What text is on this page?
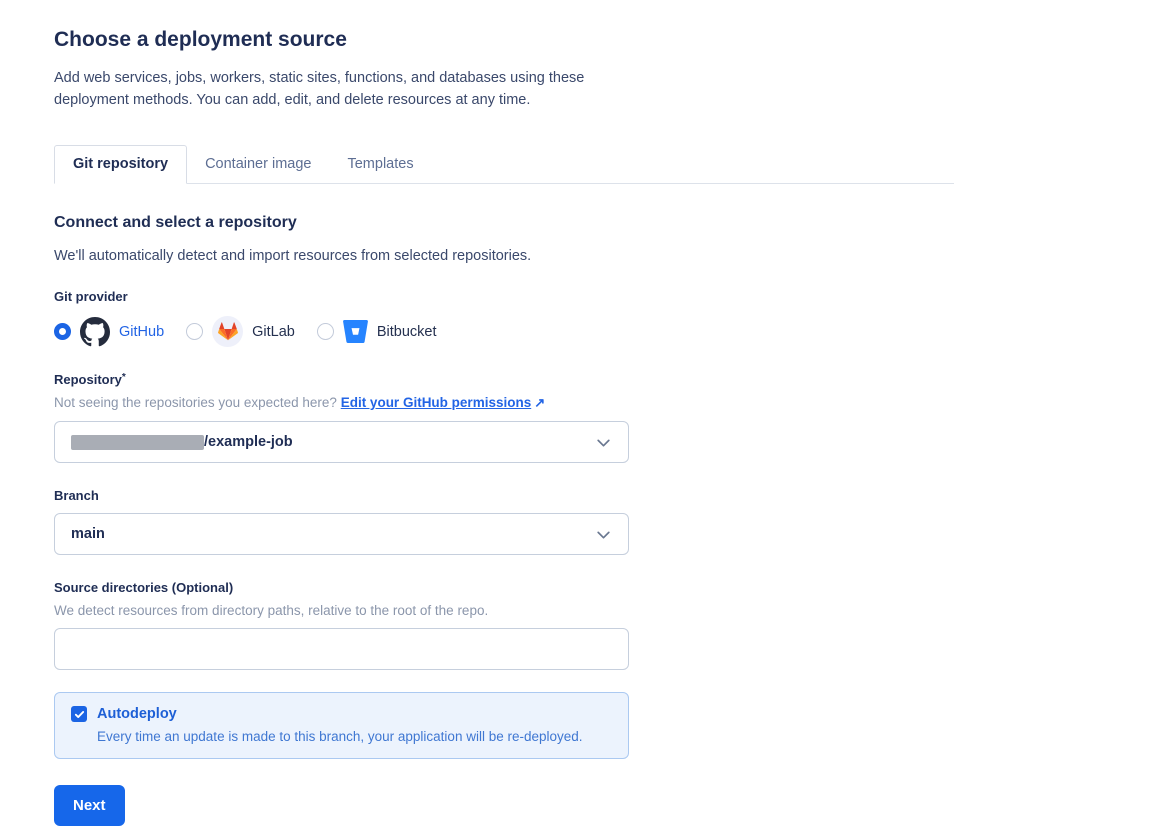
Choose a deployment source

Add web services, jobs, workers, static sites, functions, and databases using these deployment methods. You can add, edit, and delete resources at any time.

Git repository	Container image	Templates
Connect and select a repository

We'll automatically detect and import resources from selected repositories.

Git provider
GitHub	GitLab	Bitbucket
Repository*
Not seeing the repositories you expected here? Edit your GitHub permissions ↗
/example-job
Branch
main
Source directories (Optional)
We detect resources from directory paths, relative to the root of the repo.
Autodeploy
Every time an update is made to this branch, your application will be re-deployed.
Next
